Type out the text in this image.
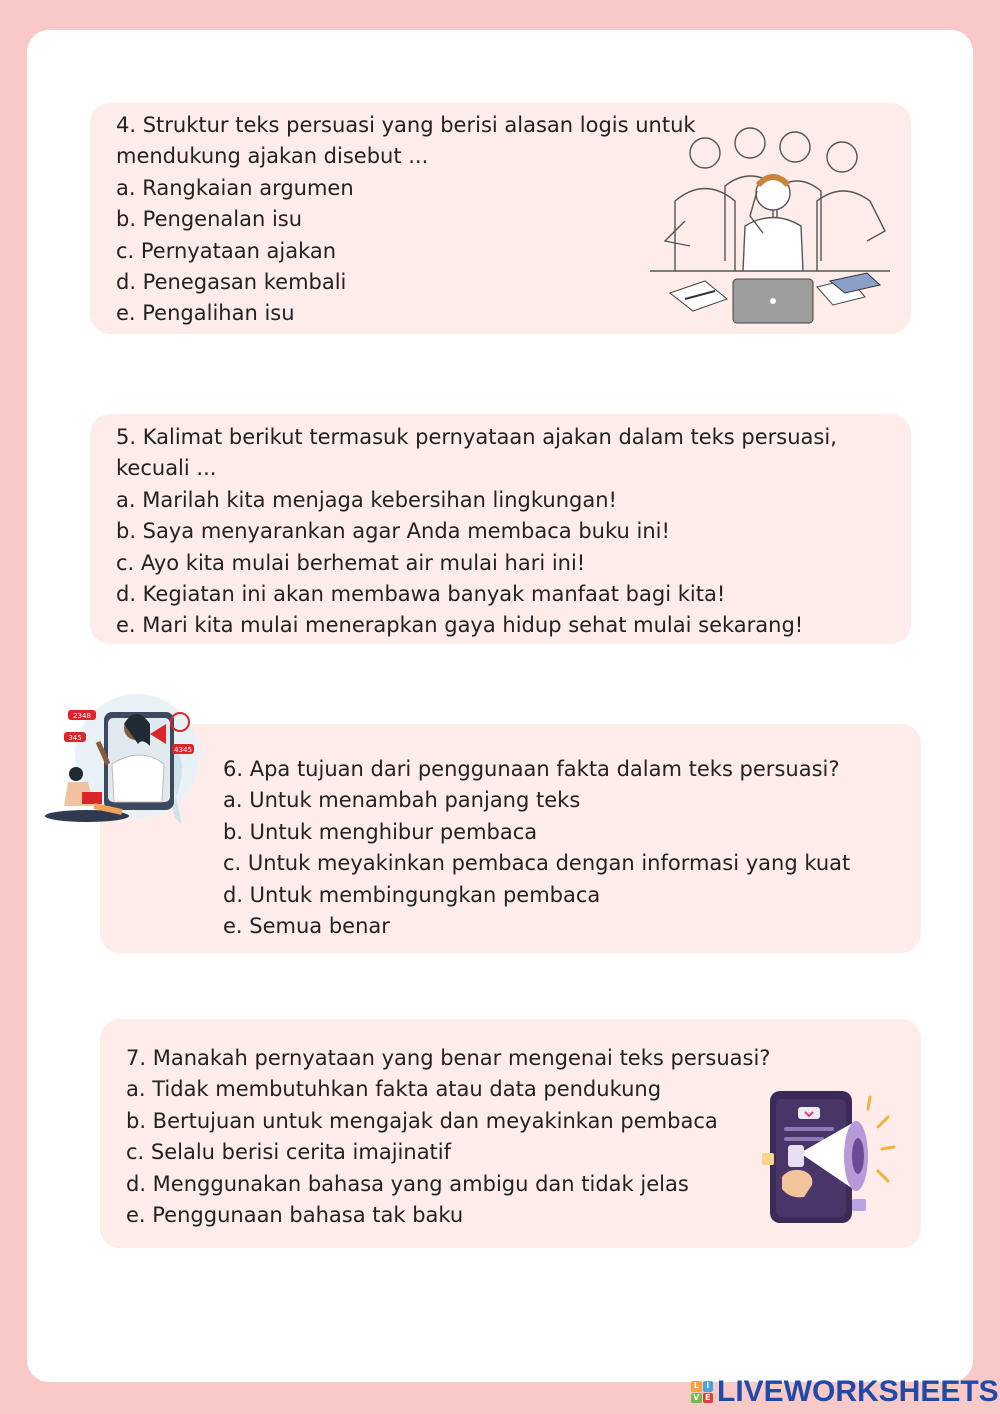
4. Struktur teks persuasi yang berisi alasan logis untuk
mendukung ajakan disebut ...
a. Rangkaian argumen
b. Pengenalan isu
c. Pernyataan ajakan
d. Penegasan kembali
e. Pengalihan isu
5. Kalimat berikut termasuk pernyataan ajakan dalam teks persuasi,
kecuali ...
a. Marilah kita menjaga kebersihan lingkungan!
b. Saya menyarankan agar Anda membaca buku ini!
c. Ayo kita mulai berhemat air mulai hari ini!
d. Kegiatan ini akan membawa banyak manfaat bagi kita!
e. Mari kita mulai menerapkan gaya hidup sehat mulai sekarang!
6. Apa tujuan dari penggunaan fakta dalam teks persuasi?
a. Untuk menambah panjang teks
b. Untuk menghibur pembaca
c. Untuk meyakinkan pembaca dengan informasi yang kuat
d. Untuk membingungkan pembaca
e. Semua benar
2348
345
4345
7. Manakah pernyataan yang benar mengenai teks persuasi?
a. Tidak membutuhkan fakta atau data pendukung
b. Bertujuan untuk mengajak dan meyakinkan pembaca
c. Selalu berisi cerita imajinatif
d. Menggunakan bahasa yang ambigu dan tidak jelas
e. Penggunaan bahasa tak baku
L I
V E LIVEWORKSHEETS
